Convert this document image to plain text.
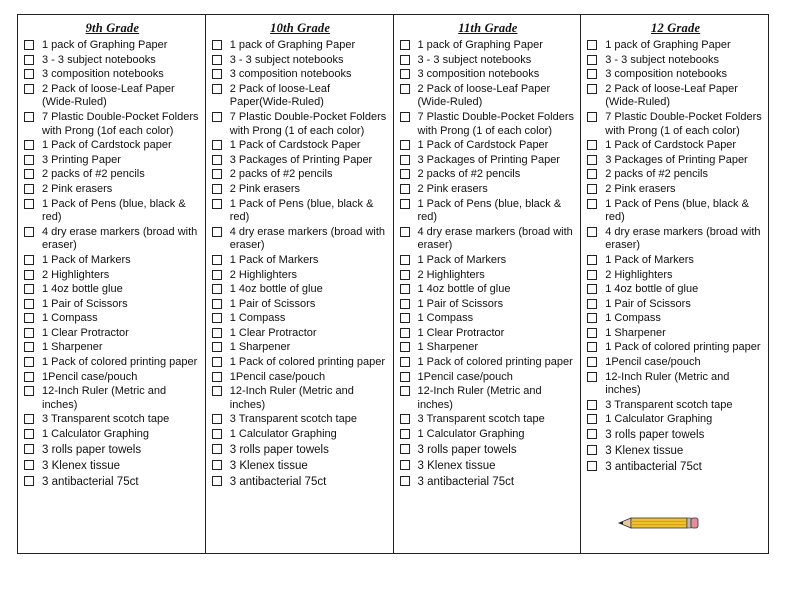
9th Grade
1 pack of Graphing Paper
3 - 3 subject notebooks
3 composition notebooks
2 Pack of loose-Leaf Paper (Wide-Ruled)
7 Plastic Double-Pocket Folders with Prong (1of each color)
1 Pack of Cardstock paper
3 Printing Paper
2 packs of #2 pencils
2 Pink erasers
1 Pack of Pens (blue, black & red)
4 dry erase markers (broad with eraser)
1 Pack of Markers
2 Highlighters
1 4oz bottle glue
1 Pair of Scissors
1 Compass
1 Clear Protractor
1 Sharpener
1 Pack of colored printing paper
1Pencil case/pouch
12-Inch Ruler (Metric and inches)
3 Transparent scotch tape
1 Calculator Graphing
3 rolls paper towels
3 Klenex tissue
3 antibacterial 75ct
10th Grade
1 pack of Graphing Paper
3 - 3 subject notebooks
3 composition notebooks
2 Pack of loose-Leaf Paper(Wide-Ruled)
7 Plastic Double-Pocket Folders with Prong (1 of each color)
1 Pack of Cardstock Paper
3 Packages of Printing Paper
2 packs of #2 pencils
2 Pink erasers
1 Pack of Pens (blue, black & red)
4 dry erase markers (broad with eraser)
1 Pack of Markers
2 Highlighters
1 4oz bottle of glue
1 Pair of Scissors
1 Compass
1 Clear Protractor
1 Sharpener
1 Pack of colored printing paper
1Pencil case/pouch
12-Inch Ruler (Metric and inches)
3 Transparent scotch tape
1 Calculator Graphing
3 rolls paper towels
3 Klenex tissue
3 antibacterial 75ct
11th Grade
1 pack of Graphing Paper
3 - 3 subject notebooks
3 composition notebooks
2 Pack of loose-Leaf Paper (Wide-Ruled)
7 Plastic Double-Pocket Folders with Prong (1 of each color)
1 Pack of Cardstock Paper
3 Packages of Printing Paper
2 packs of #2 pencils
2 Pink erasers
1 Pack of Pens (blue, black & red)
4 dry erase markers (broad with eraser)
1 Pack of Markers
2 Highlighters
1 4oz bottle of glue
1 Pair of Scissors
1 Compass
1 Clear Protractor
1 Sharpener
1 Pack of colored printing paper
1Pencil case/pouch
12-Inch Ruler (Metric and inches)
3 Transparent scotch tape
1 Calculator Graphing
3 rolls paper towels
3 Klenex tissue
3 antibacterial 75ct
12 Grade
1 pack of Graphing Paper
3 - 3 subject notebooks
3 composition notebooks
2 Pack of loose-Leaf Paper (Wide-Ruled)
7 Plastic Double-Pocket Folders with Prong (1 of each color)
1 Pack of Cardstock Paper
3 Packages of Printing Paper
2 packs of #2 pencils
2 Pink erasers
1 Pack of Pens (blue, black & red)
4 dry erase markers (broad with eraser)
1 Pack of Markers
2 Highlighters
1 4oz bottle of glue
1 Pair of Scissors
1 Compass
1 Sharpener
1 Pack of colored printing paper
1Pencil case/pouch
12-Inch Ruler (Metric and inches)
3 Transparent scotch tape
1 Calculator Graphing
3 rolls paper towels
3 Klenex tissue
3 antibacterial 75ct
